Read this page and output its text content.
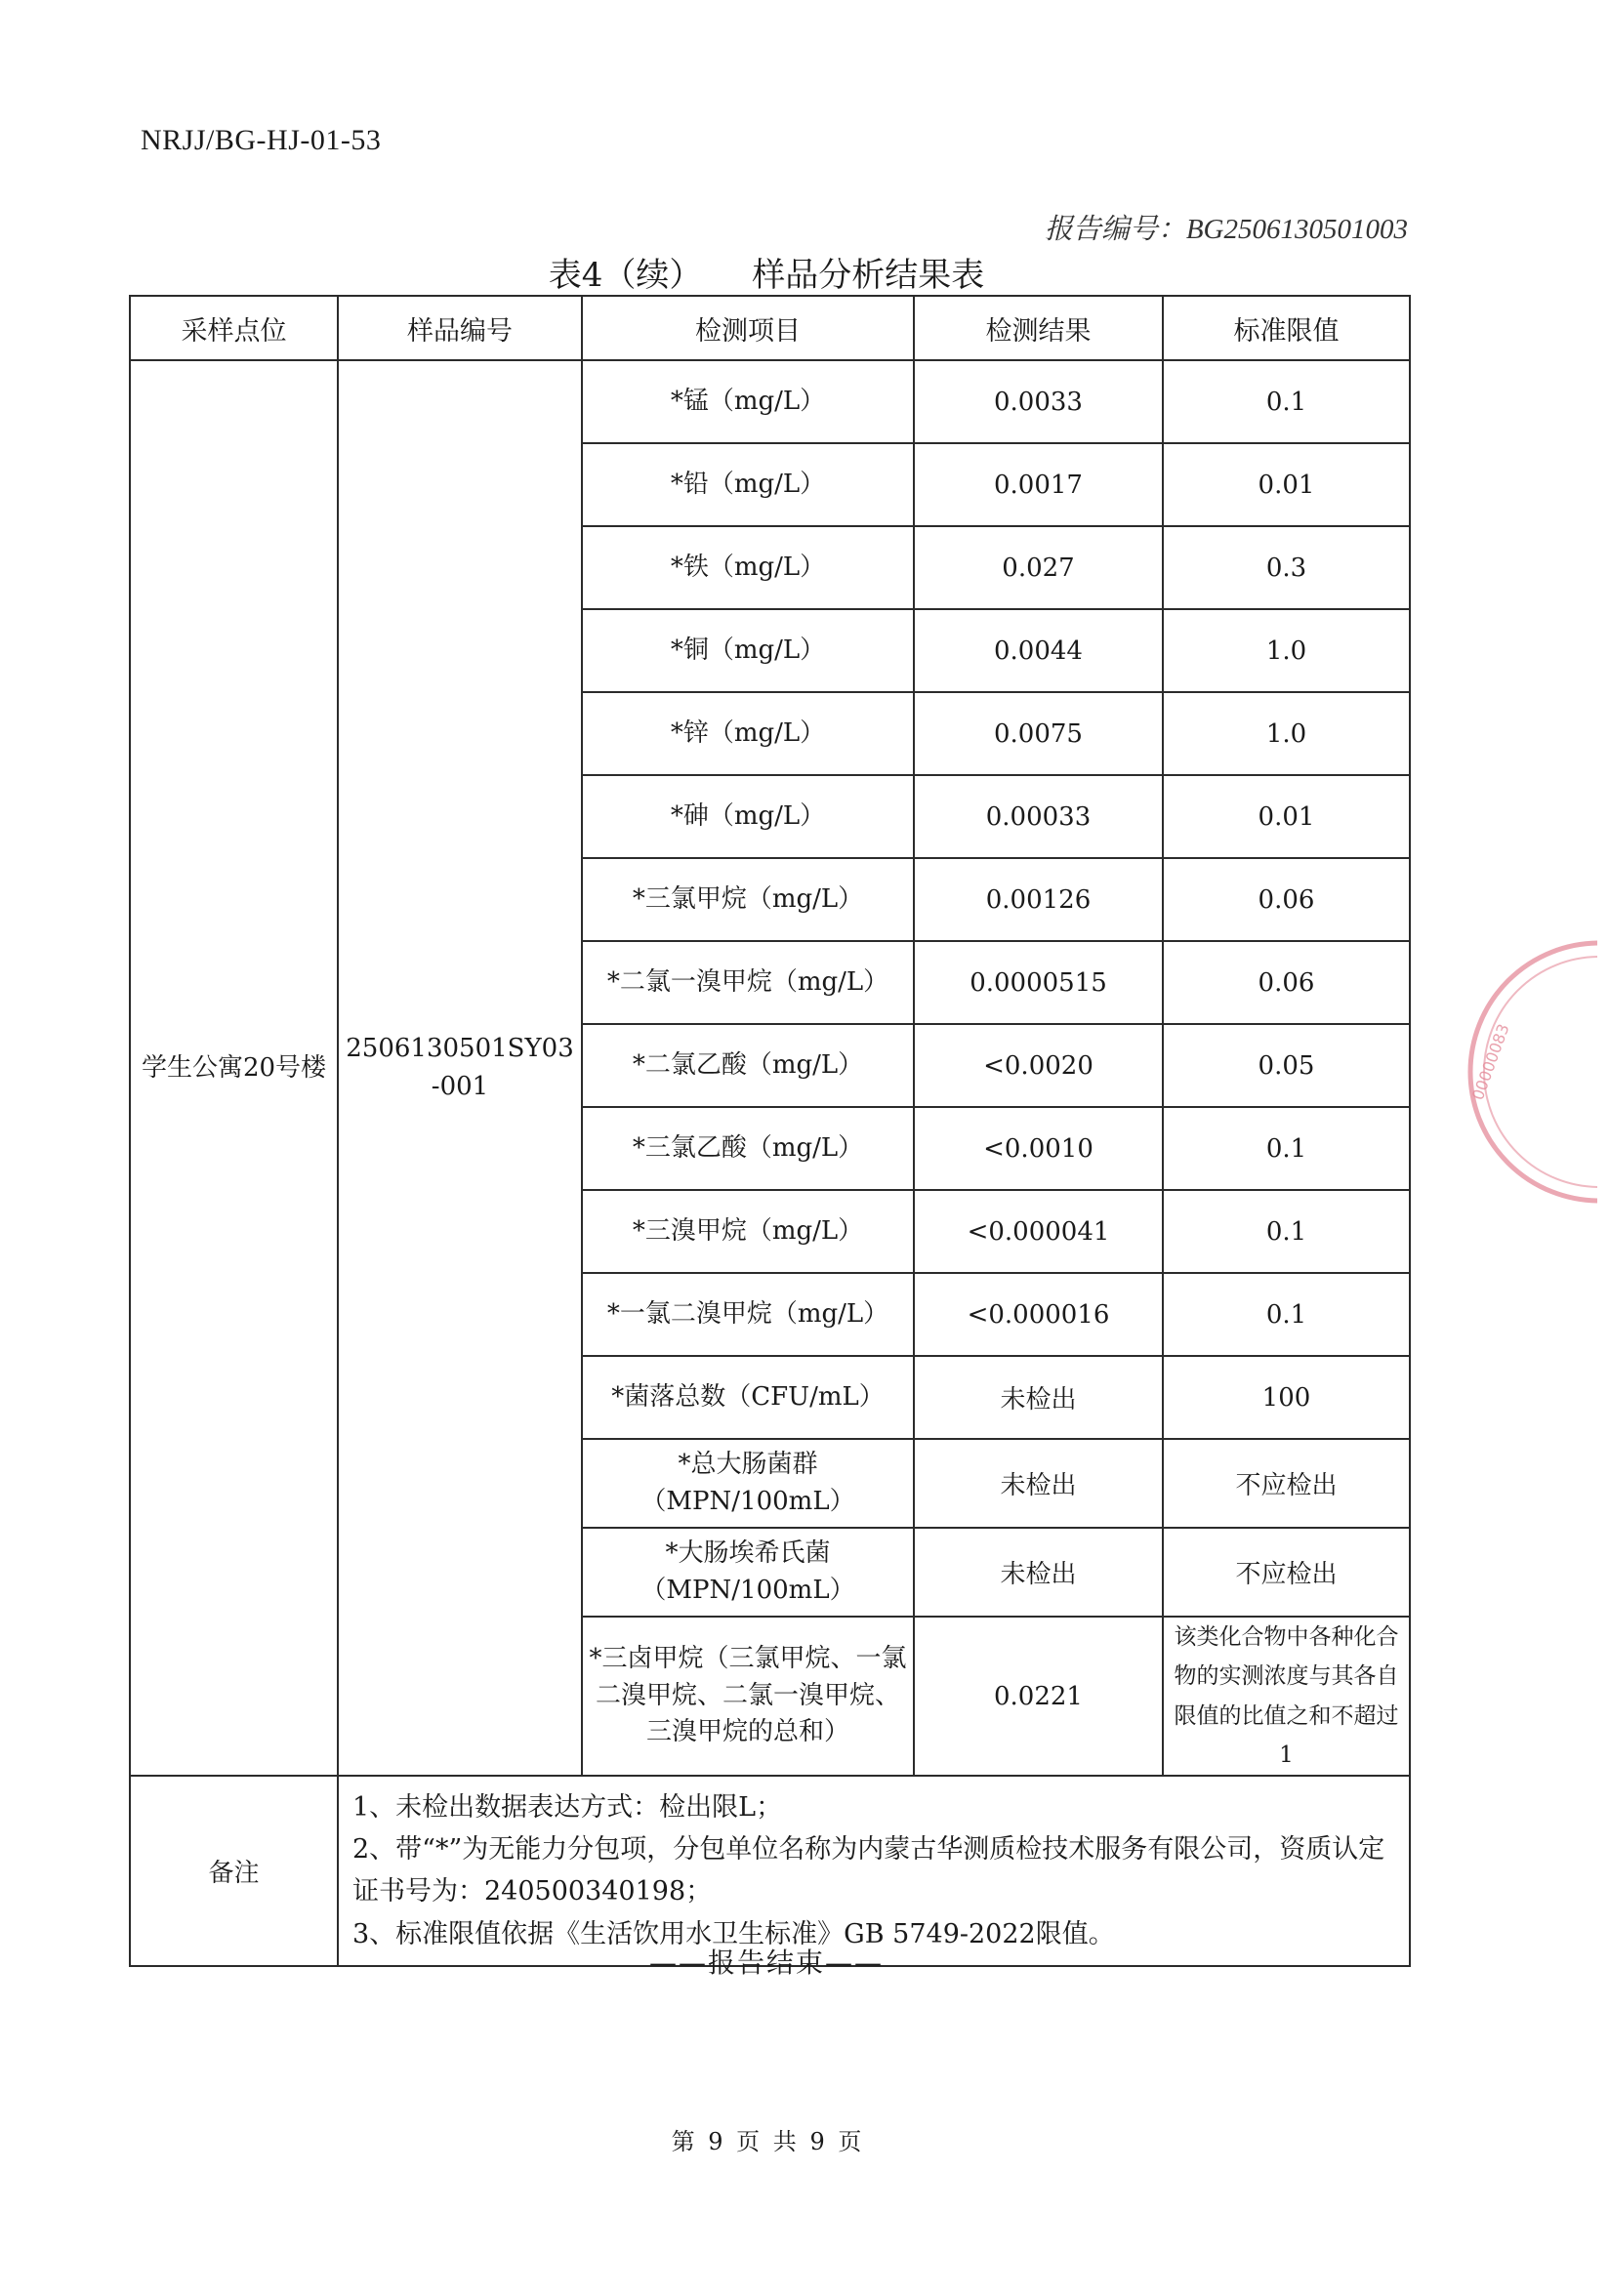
NRJJ/BG-HJ-01-53
报告编号：BG2506130501003
表4（续） 样品分析结果表
采样点位	样品编号	检测项目	检测结果	标准限值
学生公寓20号楼	2506130501SY03-001	*锰（mg/L）	0.0033	0.1
		*铅（mg/L）	0.0017	0.01
		*铁（mg/L）	0.027	0.3
		*铜（mg/L）	0.0044	1.0
		*锌（mg/L）	0.0075	1.0
		*砷（mg/L）	0.00033	0.01
		*三氯甲烷（mg/L）	0.00126	0.06
		*二氯一溴甲烷（mg/L）	0.0000515	0.06
		*二氯乙酸（mg/L）	<0.0020	0.05
		*三氯乙酸（mg/L）	<0.0010	0.1
		*三溴甲烷（mg/L）	<0.000041	0.1
		*一氯二溴甲烷（mg/L）	<0.000016	0.1
		*菌落总数（CFU/mL）	未检出	100
		*总大肠菌群（MPN/100mL）	未检出	不应检出
		*大肠埃希氏菌（MPN/100mL）	未检出	不应检出
		*三卤甲烷（三氯甲烷、一氯二溴甲烷、二氯一溴甲烷、三溴甲烷的总和）	0.0221	该类化合物中各种化合物的实测浓度与其各自限值的比值之和不超过1
备注	1、未检出数据表达方式：检出限L；
2、带“*”为无能力分包项，分包单位名称为内蒙古华测质检技术服务有限公司，资质认定证书号为：240500340198；
3、标准限值依据《生活饮用水卫生标准》GB 5749-2022限值。			
——报告结束——
第 9 页 共 9 页
00000083
